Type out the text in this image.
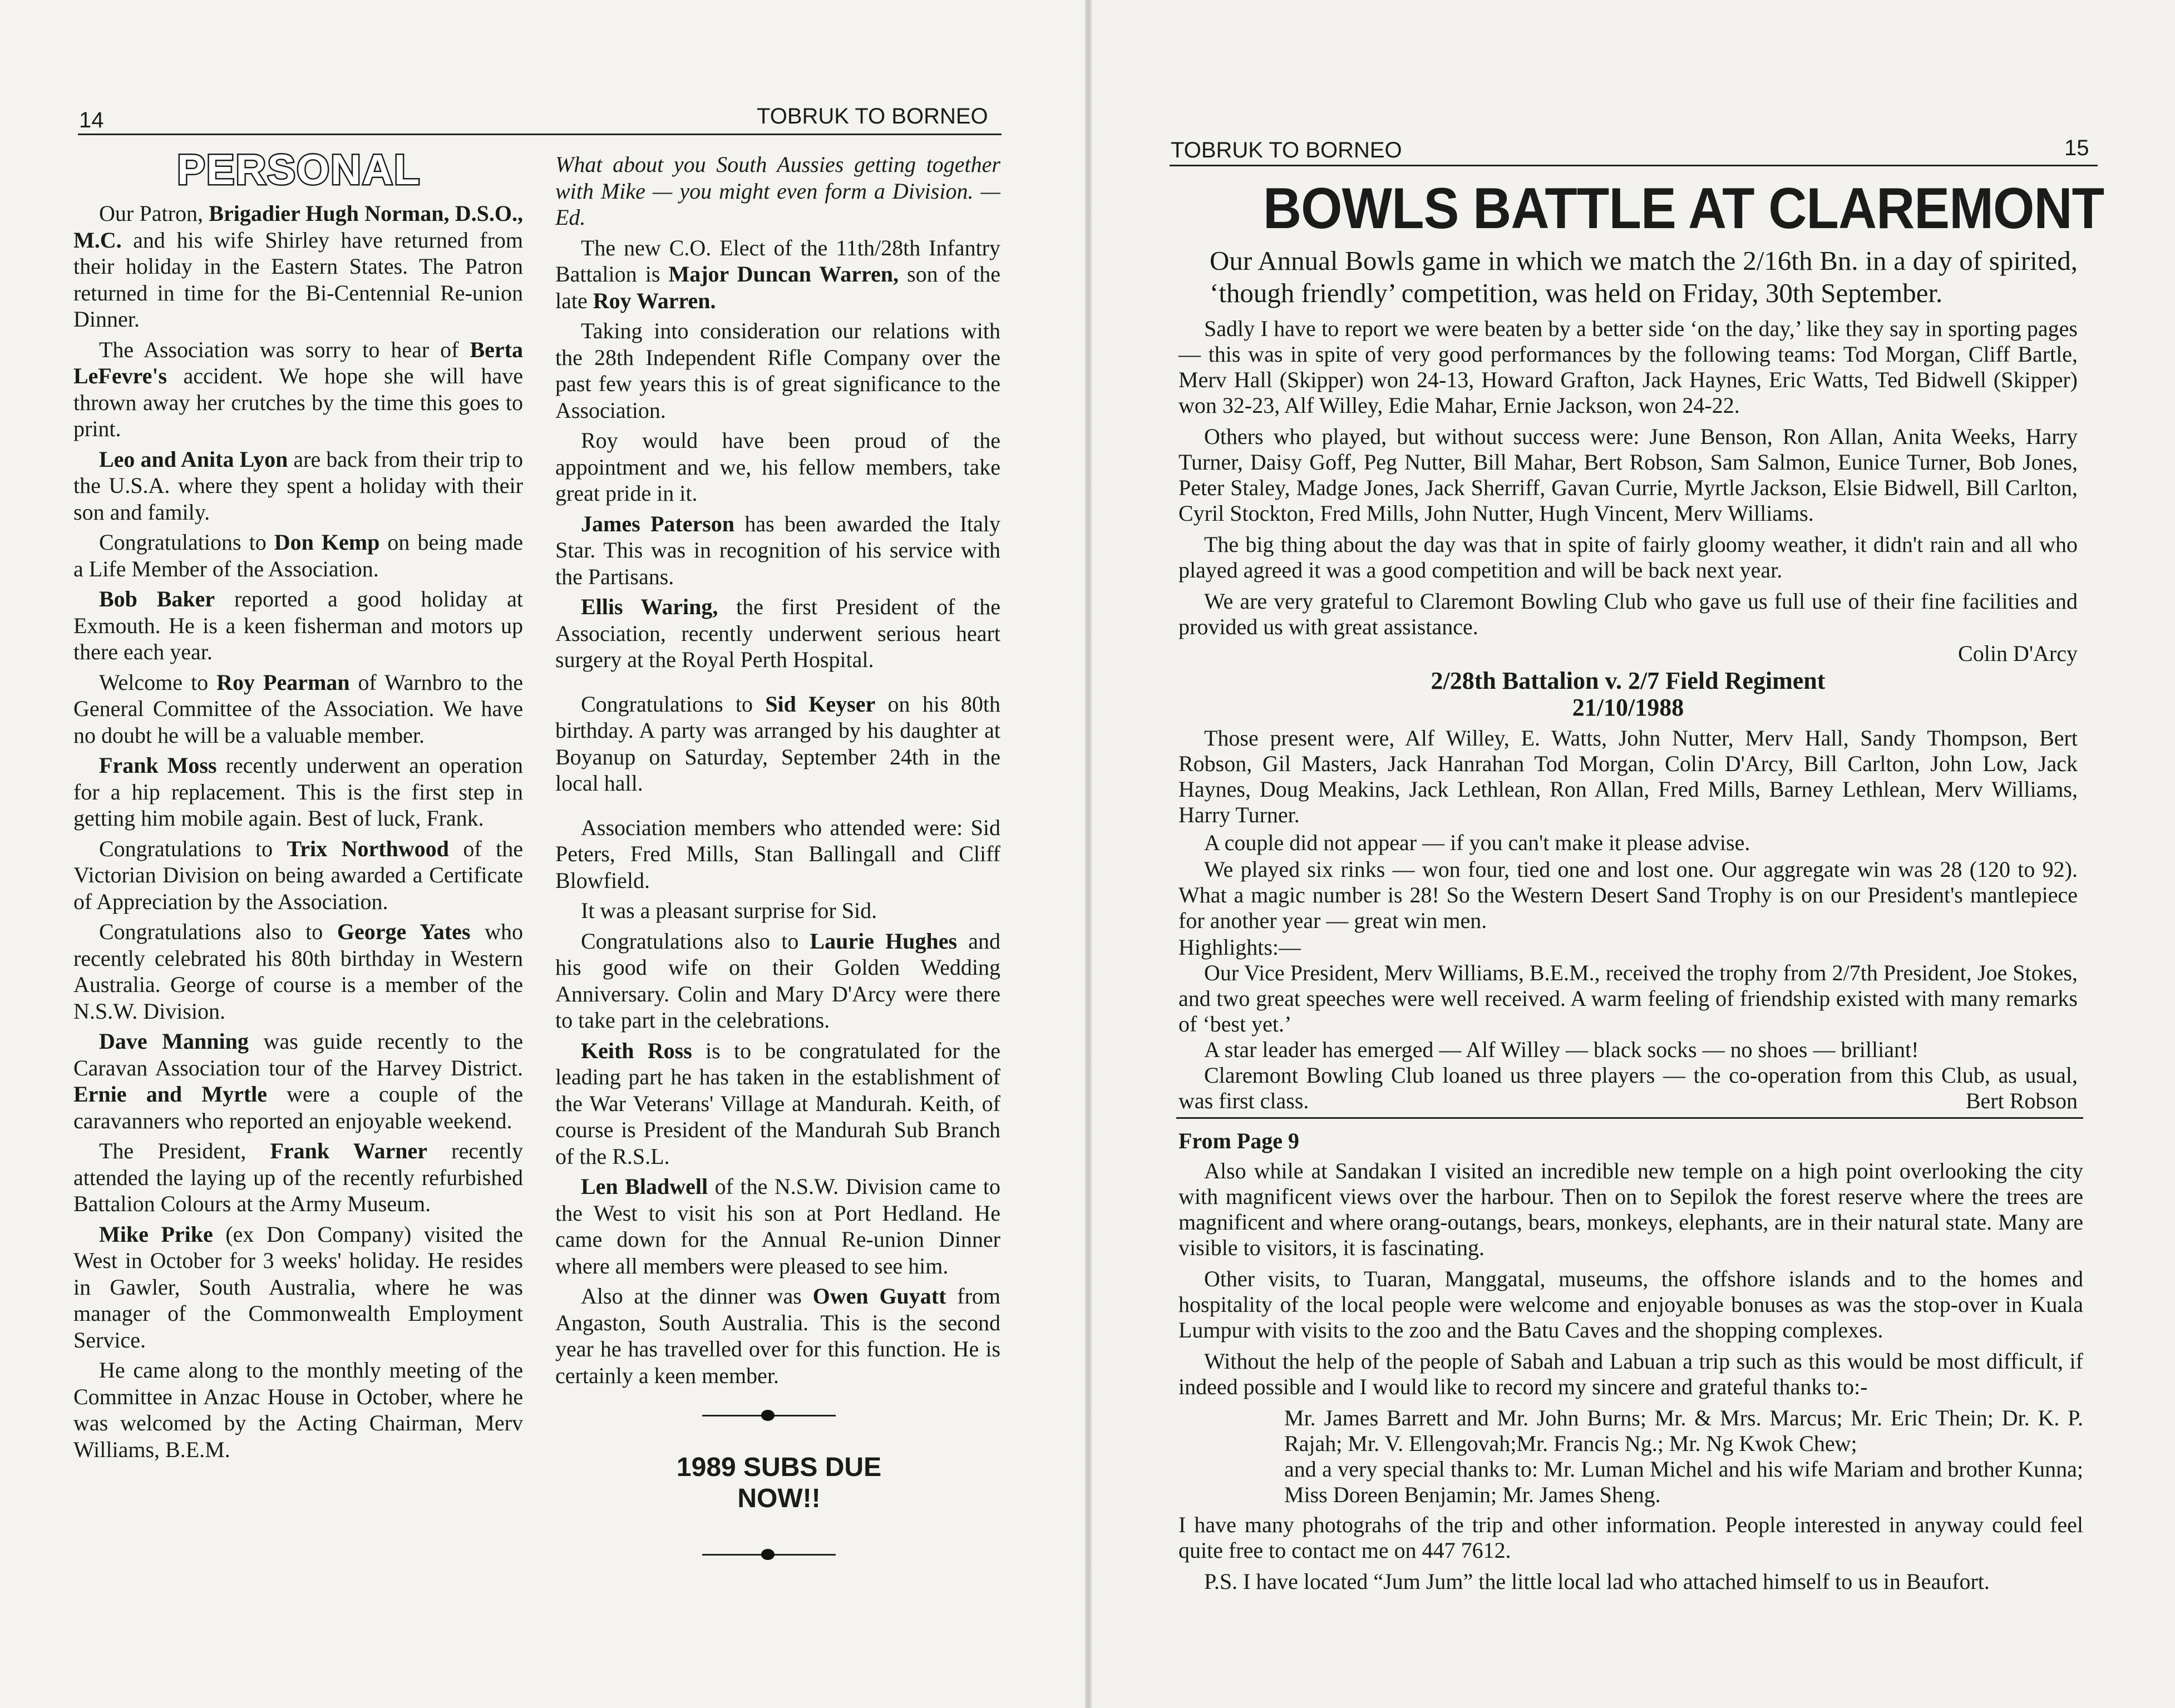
14	TOBRUK TO BORNEO
PERSONAL

Our Patron, Brigadier Hugh Norman, D.S.O., M.C. and his wife Shirley have returned from their holiday in the Eastern States. The Patron returned in time for the Bi-Centennial Re-union Dinner.

The Association was sorry to hear of Berta LeFevre's accident. We hope she will have thrown away her crutches by the time this goes to print.

Leo and Anita Lyon are back from their trip to the U.S.A. where they spent a holiday with their son and family.

Congratulations to Don Kemp on being made a Life Member of the Association.

Bob Baker reported a good holiday at Exmouth. He is a keen fisherman and motors up there each year.

Welcome to Roy Pearman of Warnbro to the General Committee of the Association. We have no doubt he will be a valuable member.

Frank Moss recently underwent an operation for a hip replacement. This is the first step in getting him mobile again. Best of luck, Frank.

Congratulations to Trix Northwood of the Victorian Division on being awarded a Certificate of Appreciation by the Association.

Congratulations also to George Yates who recently celebrated his 80th birthday in Western Australia. George of course is a member of the N.S.W. Division.

Dave Manning was guide recently to the Caravan Association tour of the Harvey District. Ernie and Myrtle were a couple of the caravanners who reported an enjoyable weekend.

The President, Frank Warner recently attended the laying up of the recently refurbished Battalion Colours at the Army Museum.

Mike Prike (ex Don Company) visited the West in October for 3 weeks' holiday. He resides in Gawler, South Australia, where he was manager of the Commonwealth Employment Service.

He came along to the monthly meeting of the Committee in Anzac House in October, where he was welcomed by the Acting Chairman, Merv Williams, B.E.M.

What about you South Aussies getting together with Mike — you might even form a Division. — Ed.

The new C.O. Elect of the 11th/28th Infantry Battalion is Major Duncan Warren, son of the late Roy Warren.

Taking into consideration our relations with the 28th Independent Rifle Company over the past few years this is of great significance to the Association.

Roy would have been proud of the appointment and we, his fellow members, take great pride in it.

James Paterson has been awarded the Italy Star. This was in recognition of his service with the Partisans.

Ellis Waring, the first President of the Association, recently underwent serious heart surgery at the Royal Perth Hospital.

Congratulations to Sid Keyser on his 80th birthday. A party was arranged by his daughter at Boyanup on Saturday, September 24th in the local hall.

Association members who attended were: Sid Peters, Fred Mills, Stan Ballingall and Cliff Blowfield.

It was a pleasant surprise for Sid.

Congratulations also to Laurie Hughes and his good wife on their Golden Wedding Anniversary. Colin and Mary D'Arcy were there to take part in the celebrations.

Keith Ross is to be congratulated for the leading part he has taken in the establishment of the War Veterans' Village at Mandurah. Keith, of course is President of the Mandurah Sub Branch of the R.S.L.

Len Bladwell of the N.S.W. Division came to the West to visit his son at Port Hedland. He came down for the Annual Re-union Dinner where all members were pleased to see him.

Also at the dinner was Owen Guyatt from Angaston, South Australia. This is the second year he has travelled over for this function. He is certainly a keen member.

1989 SUBS DUE
NOW!!
TOBRUK TO BORNEO	15
BOWLS BATTLE AT CLAREMONT
Our Annual Bowls game in which we match the 2/16th Bn. in a day of spirited, ‘though friendly’ competition, was held on Friday, 30th September.

Sadly I have to report we were beaten by a better side ‘on the day,’ like they say in sporting pages — this was in spite of very good performances by the following teams: Tod Morgan, Cliff Bartle, Merv Hall (Skipper) won 24-13, Howard Grafton, Jack Haynes, Eric Watts, Ted Bidwell (Skipper) won 32-23, Alf Willey, Edie Mahar, Ernie Jackson, won 24-22.

Others who played, but without success were: June Benson, Ron Allan, Anita Weeks, Harry Turner, Daisy Goff, Peg Nutter, Bill Mahar, Bert Robson, Sam Salmon, Eunice Turner, Bob Jones, Peter Staley, Madge Jones, Jack Sherriff, Gavan Currie, Myrtle Jackson, Elsie Bidwell, Bill Carlton, Cyril Stockton, Fred Mills, John Nutter, Hugh Vincent, Merv Williams.

The big thing about the day was that in spite of fairly gloomy weather, it didn't rain and all who played agreed it was a good competition and will be back next year.

We are very grateful to Claremont Bowling Club who gave us full use of their fine facilities and provided us with great assistance.

Colin D'Arcy

2/28th Battalion v. 2/7 Field Regiment
21/10/1988

Those present were, Alf Willey, E. Watts, John Nutter, Merv Hall, Sandy Thompson, Bert Robson, Gil Masters, Jack Hanrahan Tod Morgan, Colin D'Arcy, Bill Carlton, John Low, Jack Haynes, Doug Meakins, Jack Lethlean, Ron Allan, Fred Mills, Barney Lethlean, Merv Williams, Harry Turner.

A couple did not appear — if you can't make it please advise.

We played six rinks — won four, tied one and lost one. Our aggregate win was 28 (120 to 92). What a magic number is 28! So the Western Desert Sand Trophy is on our President's mantlepiece for another year — great win men.

Highlights:—

Our Vice President, Merv Williams, B.E.M., received the trophy from 2/7th President, Joe Stokes, and two great speeches were well received. A warm feeling of friendship existed with many remarks of ‘best yet.’

A star leader has emerged — Alf Willey — black socks — no shoes — brilliant!

Claremont Bowling Club loaned us three players — the co-operation from this Club, as usual, was first class.	Bert Robson

From Page 9

Also while at Sandakan I visited an incredible new temple on a high point overlooking the city with magnificent views over the harbour. Then on to Sepilok the forest reserve where the trees are magnificent and where orang-outangs, bears, monkeys, elephants, are in their natural state. Many are visible to visitors, it is fascinating.

Other visits, to Tuaran, Manggatal, museums, the offshore islands and to the homes and hospitality of the local people were welcome and enjoyable bonuses as was the stop-over in Kuala Lumpur with visits to the zoo and the Batu Caves and the shopping complexes.

Without the help of the people of Sabah and Labuan a trip such as this would be most difficult, if indeed possible and I would like to record my sincere and grateful thanks to:-

Mr. James Barrett and Mr. John Burns; Mr. & Mrs. Marcus; Mr. Eric Thein; Dr. K. P. Rajah; Mr. V. Ellengovah;Mr. Francis Ng.; Mr. Ng Kwok Chew;

and a very special thanks to: Mr. Luman Michel and his wife Mariam and brother Kunna; Miss Doreen Benjamin; Mr. James Sheng.

I have many photograhs of the trip and other information. People interested in anyway could feel quite free to contact me on 447 7612.

P.S. I have located “Jum Jum” the little local lad who attached himself to us in Beaufort.
